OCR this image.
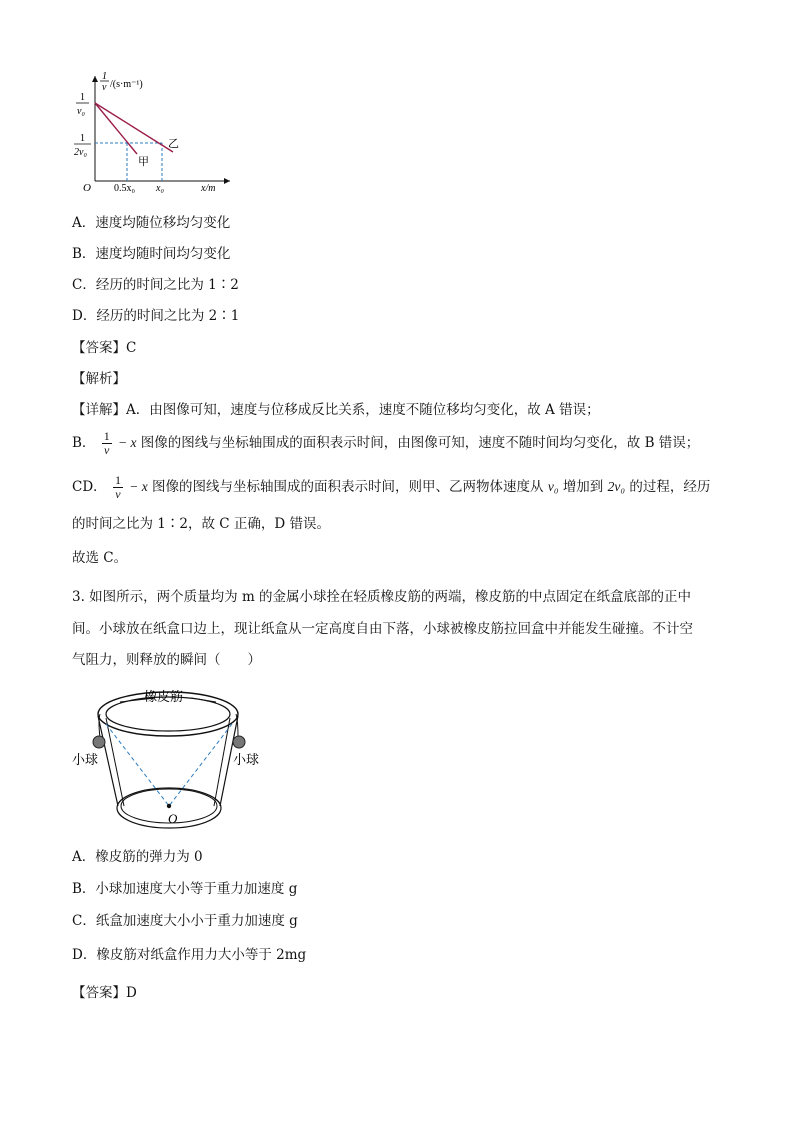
1
v /(s·m⁻¹)
1
v₀
1
2v₀
甲
乙
O 0.5x₀ x₀	x/m
A．速度均随位移均匀变化
B．速度均随时间均匀变化
C．经历的时间之比为 1∶2
D．经历的时间之比为 2∶1
【答案】C
【解析】
【详解】A．由图像可知，速度与位移成反比关系，速度不随位移均匀变化，故 A 错误；
B． $\frac{1}{v} - x$ 图像的图线与坐标轴围成的面积表示时间，由图像可知，速度不随时间均匀变化，故 B 错误；
CD． $\frac{1}{v} - x$ 图像的图线与坐标轴围成的面积表示时间，则甲、乙两物体速度从 v₀ 增加到 2v₀ 的过程，经历
的时间之比为 1∶2，故 C 正确，D 错误。
故选 C。
3. 如图所示，两个质量均为 m 的金属小球拴在轻质橡皮筋的两端，橡皮筋的中点固定在纸盒底部的正中
间。小球放在纸盒口边上，现让纸盒从一定高度自由下落，小球被橡皮筋拉回盒中并能发生碰撞。不计空
气阻力，则释放的瞬间（　　）
橡皮筋
小球	小球
O
A．橡皮筋的弹力为 0
B．小球加速度大小等于重力加速度 g
C．纸盒加速度大小小于重力加速度 g
D．橡皮筋对纸盒作用力大小等于 2mg
【答案】D
